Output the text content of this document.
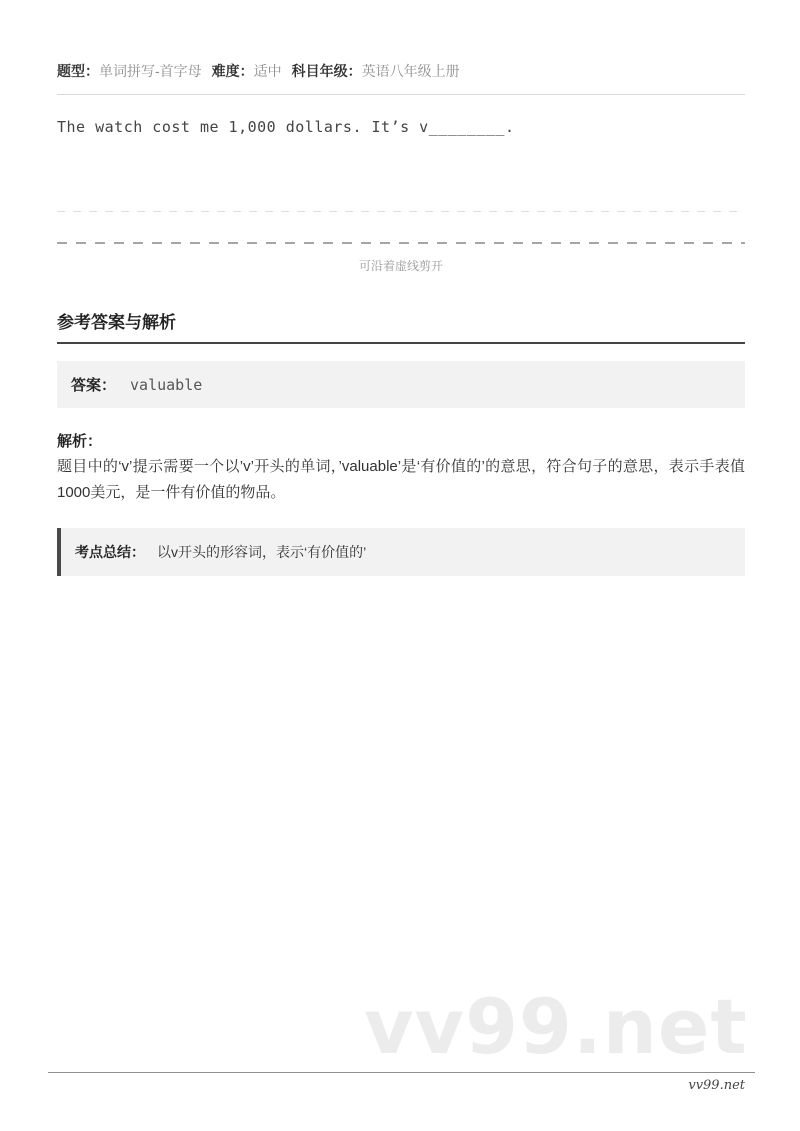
题型：单词拼写-首字母 难度：适中 科目年级：英语八年级上册

The watch cost me 1,000 dollars. It’s v________.

可沿着虚线剪开
参考答案与解析
答案： valuable
解析：

题目中的‘v’提示需要一个以’v’开头的单词，’valuable’是‘有价值的’的意思，符合句子的意思，表示手表值1000美元，是一件有价值的物品。

考点总结： 以v开头的形容词，表示‘有价值的’
vv99.net
vv99.net
